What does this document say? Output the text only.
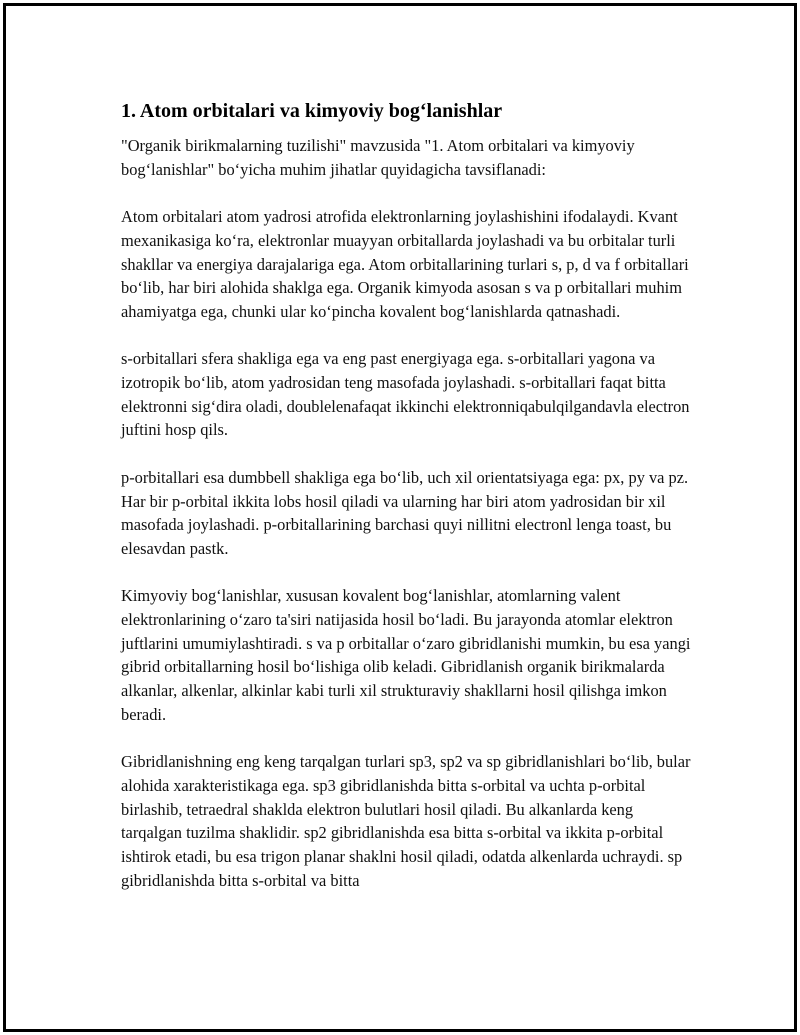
1. Atom orbitalari va kimyoviy bog‘lanishlar

"Organik birikmalarning tuzilishi" mavzusida "1. Atom orbitalari va kimyoviy bog‘lanishlar" bo‘yicha muhim jihatlar quyidagicha tavsiflanadi:

Atom orbitalari atom yadrosi atrofida elektronlarning joylashishini ifodalaydi. Kvant mexanikasiga ko‘ra, elektronlar muayyan orbitallarda joylashadi va bu orbitalar turli shakllar va energiya darajalariga ega. Atom orbitallarining turlari s, p, d va f orbitallari bo‘lib, har biri alohida shaklga ega. Organik kimyoda asosan s va p orbitallari muhim ahamiyatga ega, chunki ular ko‘pincha kovalent bog‘lanishlarda qatnashadi.

s-orbitallari sfera shakliga ega va eng past energiyaga ega. s-orbitallari yagona va izotropik bo‘lib, atom yadrosidan teng masofada joylashadi. s-orbitallari faqat bitta elektronni sig‘dira oladi, doublelenafaqat ikkinchi elektronniqabulqilgandavla electron juftini hosp qils.

p-orbitallari esa dumbbell shakliga ega bo‘lib, uch xil orientatsiyaga ega: px, py va pz. Har bir p-orbital ikkita lobs hosil qiladi va ularning har biri atom yadrosidan bir xil masofada joylashadi. p-orbitallarining barchasi quyi nillitni electronl lenga toast, bu elesavdan pastk.

Kimyoviy bog‘lanishlar, xususan kovalent bog‘lanishlar, atomlarning valent elektronlarining o‘zaro ta'siri natijasida hosil bo‘ladi. Bu jarayonda atomlar elektron juftlarini umumiylashtiradi. s va p orbitallar o‘zaro gibridlanishi mumkin, bu esa yangi gibrid orbitallarning hosil bo‘lishiga olib keladi. Gibridlanish organik birikmalarda alkanlar, alkenlar, alkinlar kabi turli xil strukturaviy shakllarni hosil qilishga imkon beradi.

Gibridlanishning eng keng tarqalgan turlari sp3, sp2 va sp gibridlanishlari bo‘lib, bular alohida xarakteristikaga ega. sp3 gibridlanishda bitta s-orbital va uchta p-orbital birlashib, tetraedral shaklda elektron bulutlari hosil qiladi. Bu alkanlarda keng tarqalgan tuzilma shaklidir. sp2 gibridlanishda esa bitta s-orbital va ikkita p-orbital ishtirok etadi, bu esa trigon planar shaklni hosil qiladi, odatda alkenlarda uchraydi. sp gibridlanishda bitta s-orbital va bitta
